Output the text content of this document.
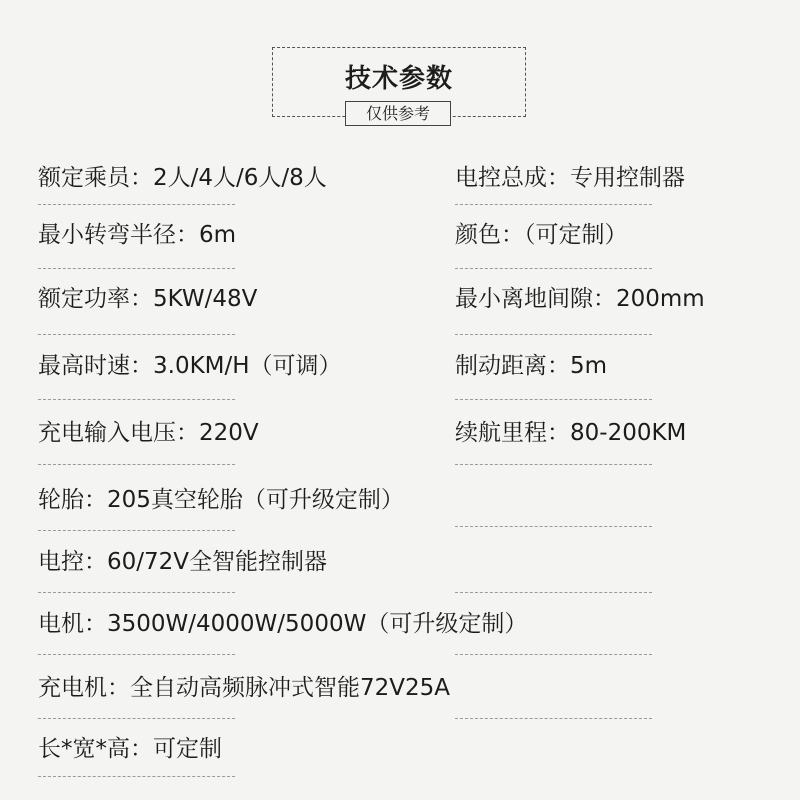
技术参数
仅供参考
额定乘员：2人/4人/6人/8人
最小转弯半径：6m
额定功率：5KW/48V
最高时速：3.0KM/H（可调）
充电输入电压：220V
轮胎：205真空轮胎（可升级定制）
电控：60/72V全智能控制器
电机：3500W/4000W/5000W（可升级定制）
充电机：全自动高频脉冲式智能72V25A
长*宽*高：可定制
电控总成：专用控制器
颜色：（可定制）
最小离地间隙：200mm
制动距离：5m
续航里程：80-200KM
